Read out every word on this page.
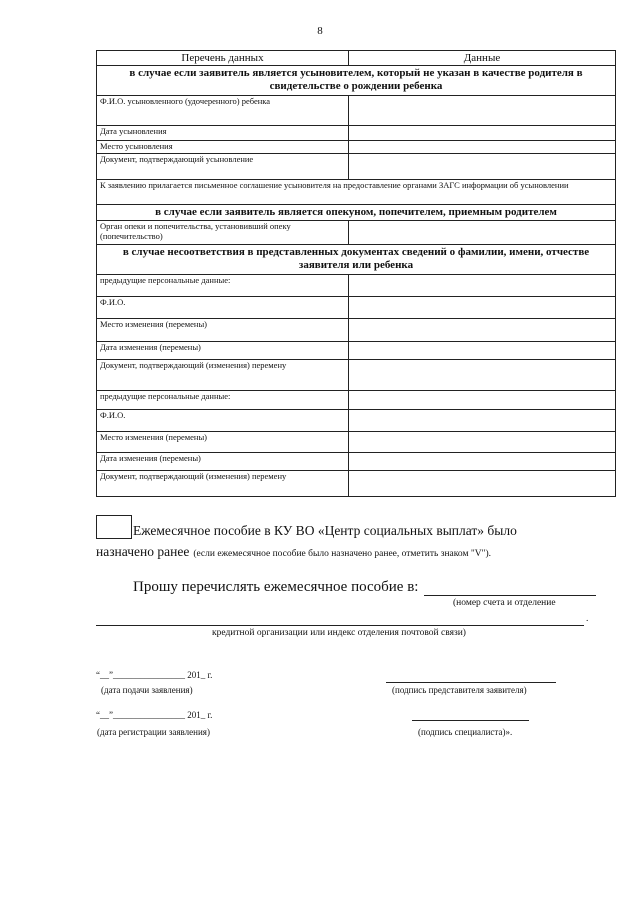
8
Перечень данных	Данные
в случае если заявитель является усыновителем, который не указан в качестве родителя в свидетельстве о рождении ребенка	
Ф.И.О. усыновленного (удочеренного) ребенка	
Дата усыновления	
Место усыновления	
Документ, подтверждающий усыновление	
К заявлению прилагается письменное соглашение усыновителя на предоставление органами ЗАГС информации об усыновлении	
в случае если заявитель является опекуном, попечителем, приемным родителем	
Орган опеки и попечительства, установивший опеку (попечительство)	
в случае несоответствия в представленных документах сведений о фамилии, имени, отчестве заявителя или ребенка	
предыдущие персональные данные:	
Ф.И.О.	
Место изменения (перемены)	
Дата изменения (перемены)	
Документ, подтверждающий (изменения) перемену	
предыдущие персональные данные:	
Ф.И.О.	
Место изменения (перемены)	
Дата изменения (перемены)	
Документ, подтверждающий (изменения) перемену	
Ежемесячное пособие в КУ ВО «Центр социальных выплат» было
назначено ранее (если ежемесячное пособие было назначено ранее, отметить знаком "V").
Прошу перечислять ежемесячное пособие в:
(номер счета и отделение
.
кредитной организации или индекс отделения почтовой связи)
“__”________________ 201_ г.
(дата подачи заявления)	(подпись представителя заявителя)
“__”________________ 201_ г.
(дата регистрации заявления)	(подпись специалиста)».
